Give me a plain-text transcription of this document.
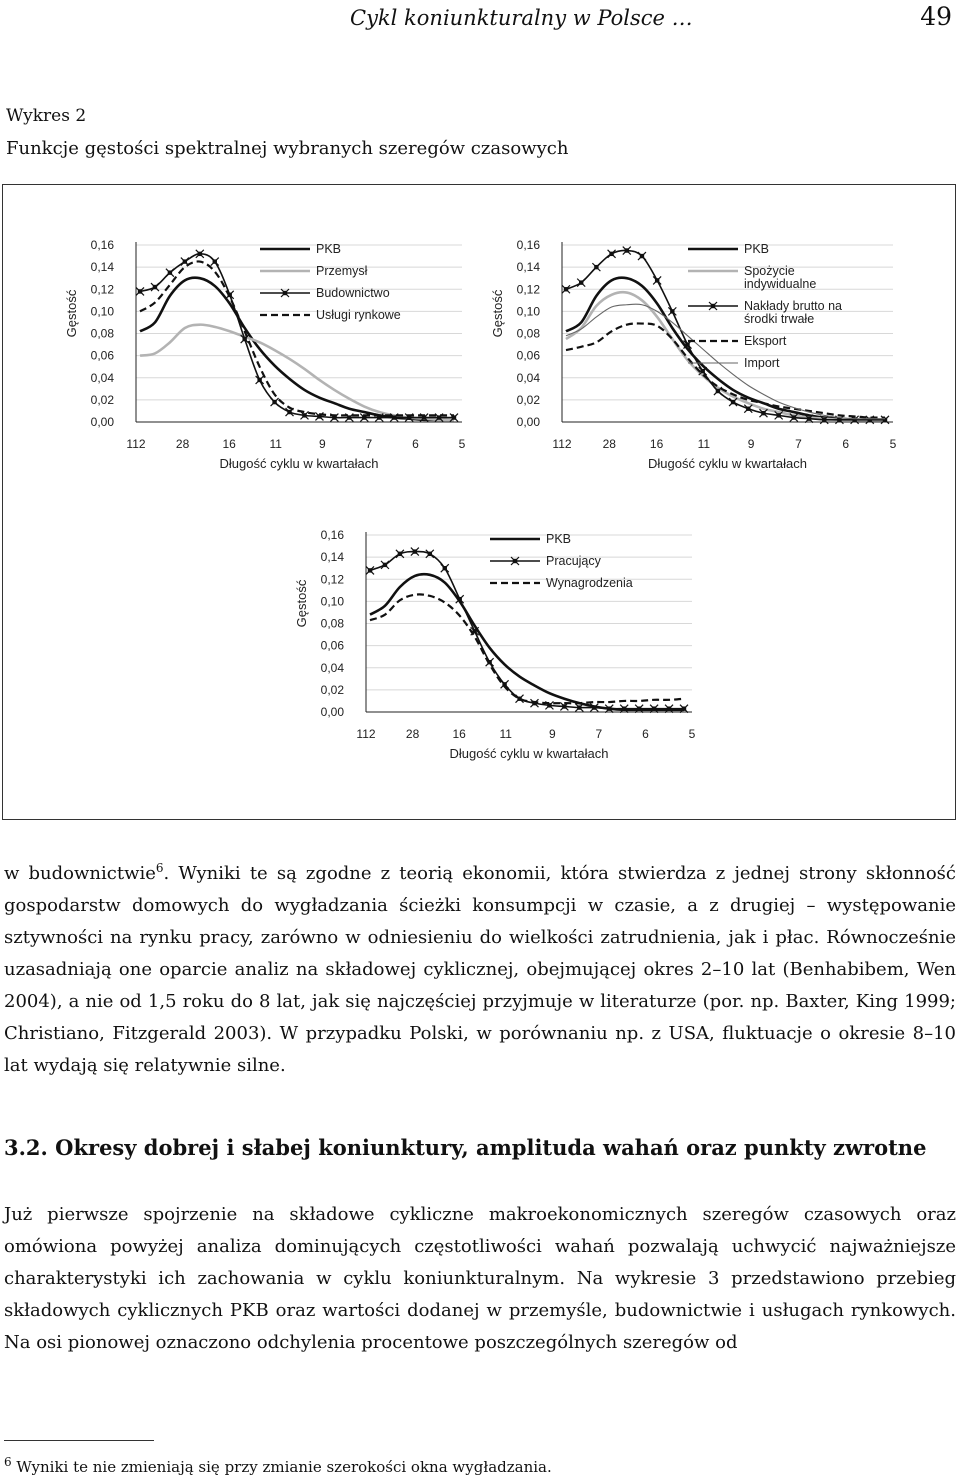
Cykl koniunkturalny w Polsce …	49
Wykres 2
Funkcje gęstości spektralnej wybranych szeregów czasowych
0,00
0,02
0,04
0,06
0,08
0,10
0,12
0,14
0,16
112	28	16	11	9	7	6	5
Długość cyklu w kwartałach
Gęstość
PKB
Przemysł
Budownictwo
Usługi rynkowe
0,00
0,02
0,04
0,06
0,08
0,10
0,12
0,14
0,16
112	28	16	11	9	7	6	5
Długość cyklu w kwartałach
Gęstość
PKB
Spożycie
indywidualne
Nakłady brutto na
środki trwałe
Eksport
Import
0,00
0,02
0,04
0,06
0,08
0,10
0,12
0,14
0,16
112	28	16	11	9	7	6	5
Długość cyklu w kwartałach
Gęstość
PKB
Pracujący
Wynagrodzenia

w budownictwie$^6$. Wyniki te są zgodne z teorią ekonomii, która stwierdza z jednej strony skłonność gospodarstw domowych do wygładzania ścieżki konsumpcji w czasie, a z drugiej – występowanie sztywności na rynku pracy, zarówno w odniesieniu do wielkości zatrudnienia, jak i płac. Równocześnie uzasadniają one oparcie analiz na składowej cyklicznej, obejmującej okres 2–10 lat (Benhabibem, Wen 2004), a nie od 1,5 roku do 8 lat, jak się najczęściej przyjmuje w literaturze (por. np. Baxter, King 1999; Christiano, Fitzgerald 2003). W przypadku Polski, w porównaniu np. z USA, fluktuacje o okresie 8–10 lat wydają się relatywnie silne.

3.2. Okresy dobrej i słabej koniunktury, amplituda wahań oraz punkty zwrotne

Już pierwsze spojrzenie na składowe cykliczne makroekonomicznych szeregów czasowych oraz omówiona powyżej analiza dominujących częstotliwości wahań pozwalają uchwycić najważniejsze charakterystyki ich zachowania w cyklu koniunkturalnym. Na wykresie 3 przedstawiono przebieg składowych cyklicznych PKB oraz wartości dodanej w przemyśle, budownictwie i usługach rynkowych. Na osi pionowej oznaczono odchylenia procentowe poszczególnych szeregów od

$^6$ Wyniki te nie zmieniają się przy zmianie szerokości okna wygładzania.
